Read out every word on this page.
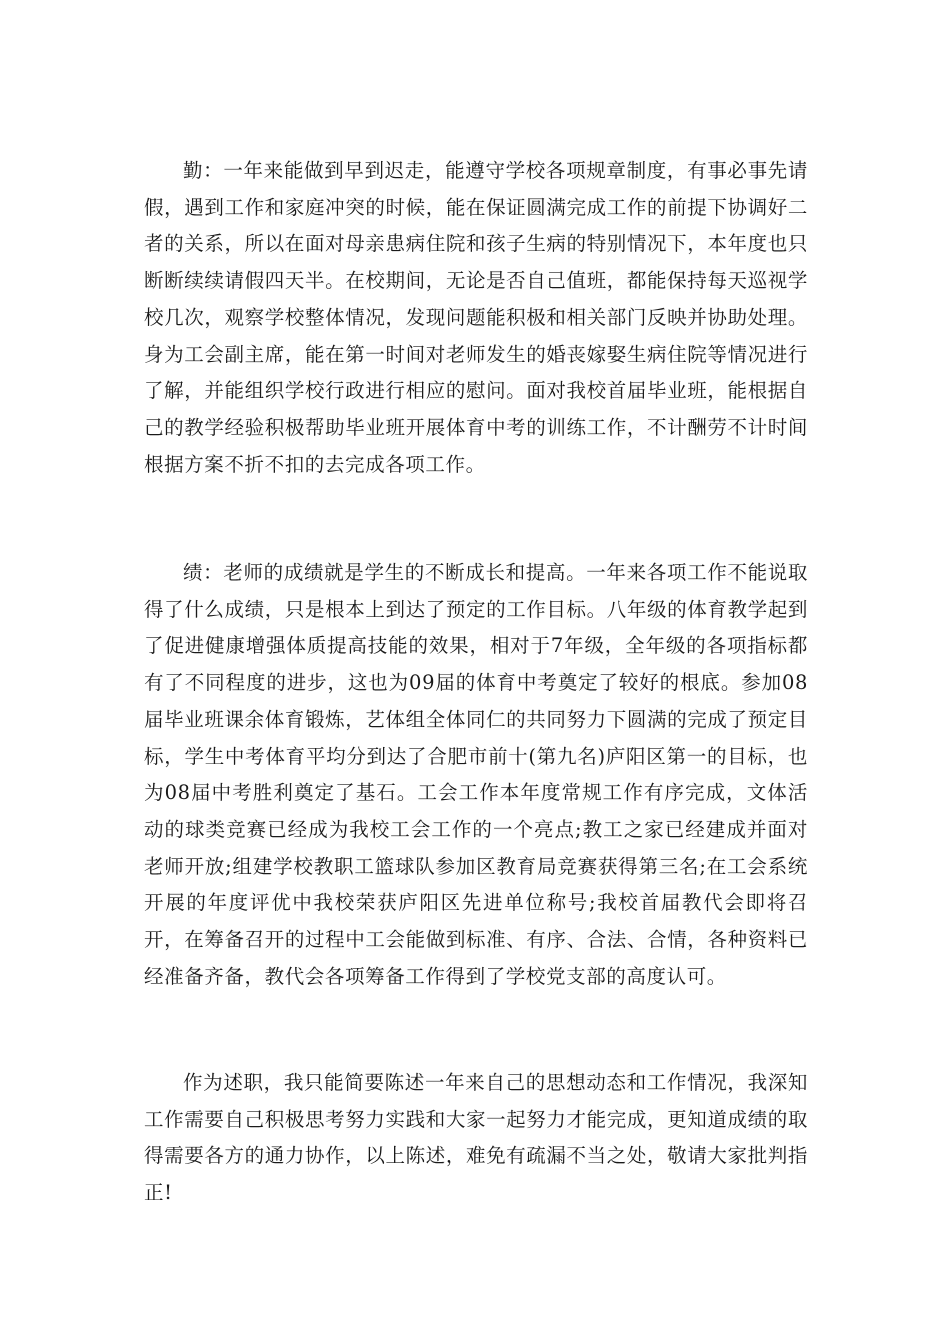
勤：一年来能做到早到迟走，能遵守学校各项规章制度，有事必事先请假，遇到工作和家庭冲突的时候，能在保证圆满完成工作的前提下协调好二者的关系，所以在面对母亲患病住院和孩子生病的特别情况下，本年度也只断断续续请假四天半。在校期间，无论是否自己值班，都能保持每天巡视学校几次，观察学校整体情况，发现问题能积极和相关部门反映并协助处理。身为工会副主席，能在第一时间对老师发生的婚丧嫁娶生病住院等情况进行了解，并能组织学校行政进行相应的慰问。面对我校首届毕业班，能根据自己的教学经验积极帮助毕业班开展体育中考的训练工作，不计酬劳不计时间根据方案不折不扣的去完成各项工作。

绩：老师的成绩就是学生的不断成长和提高。一年来各项工作不能说取得了什么成绩，只是根本上到达了预定的工作目标。八年级的体育教学起到了促进健康增强体质提高技能的效果，相对于7年级，全年级的各项指标都有了不同程度的进步，这也为09届的体育中考奠定了较好的根底。参加08届毕业班课余体育锻炼，艺体组全体同仁的共同努力下圆满的完成了预定目标，学生中考体育平均分到达了合肥市前十(第九名)庐阳区第一的目标，也为08届中考胜利奠定了基石。工会工作本年度常规工作有序完成，文体活动的球类竞赛已经成为我校工会工作的一个亮点;教工之家已经建成并面对老师开放;组建学校教职工篮球队参加区教育局竞赛获得第三名;在工会系统开展的年度评优中我校荣获庐阳区先进单位称号;我校首届教代会即将召开，在筹备召开的过程中工会能做到标准、有序、合法、合情，各种资料已经准备齐备，教代会各项筹备工作得到了学校党支部的高度认可。

作为述职，我只能简要陈述一年来自己的思想动态和工作情况，我深知工作需要自己积极思考努力实践和大家一起努力才能完成，更知道成绩的取得需要各方的通力协作，以上陈述，难免有疏漏不当之处，敬请大家批判指正!
